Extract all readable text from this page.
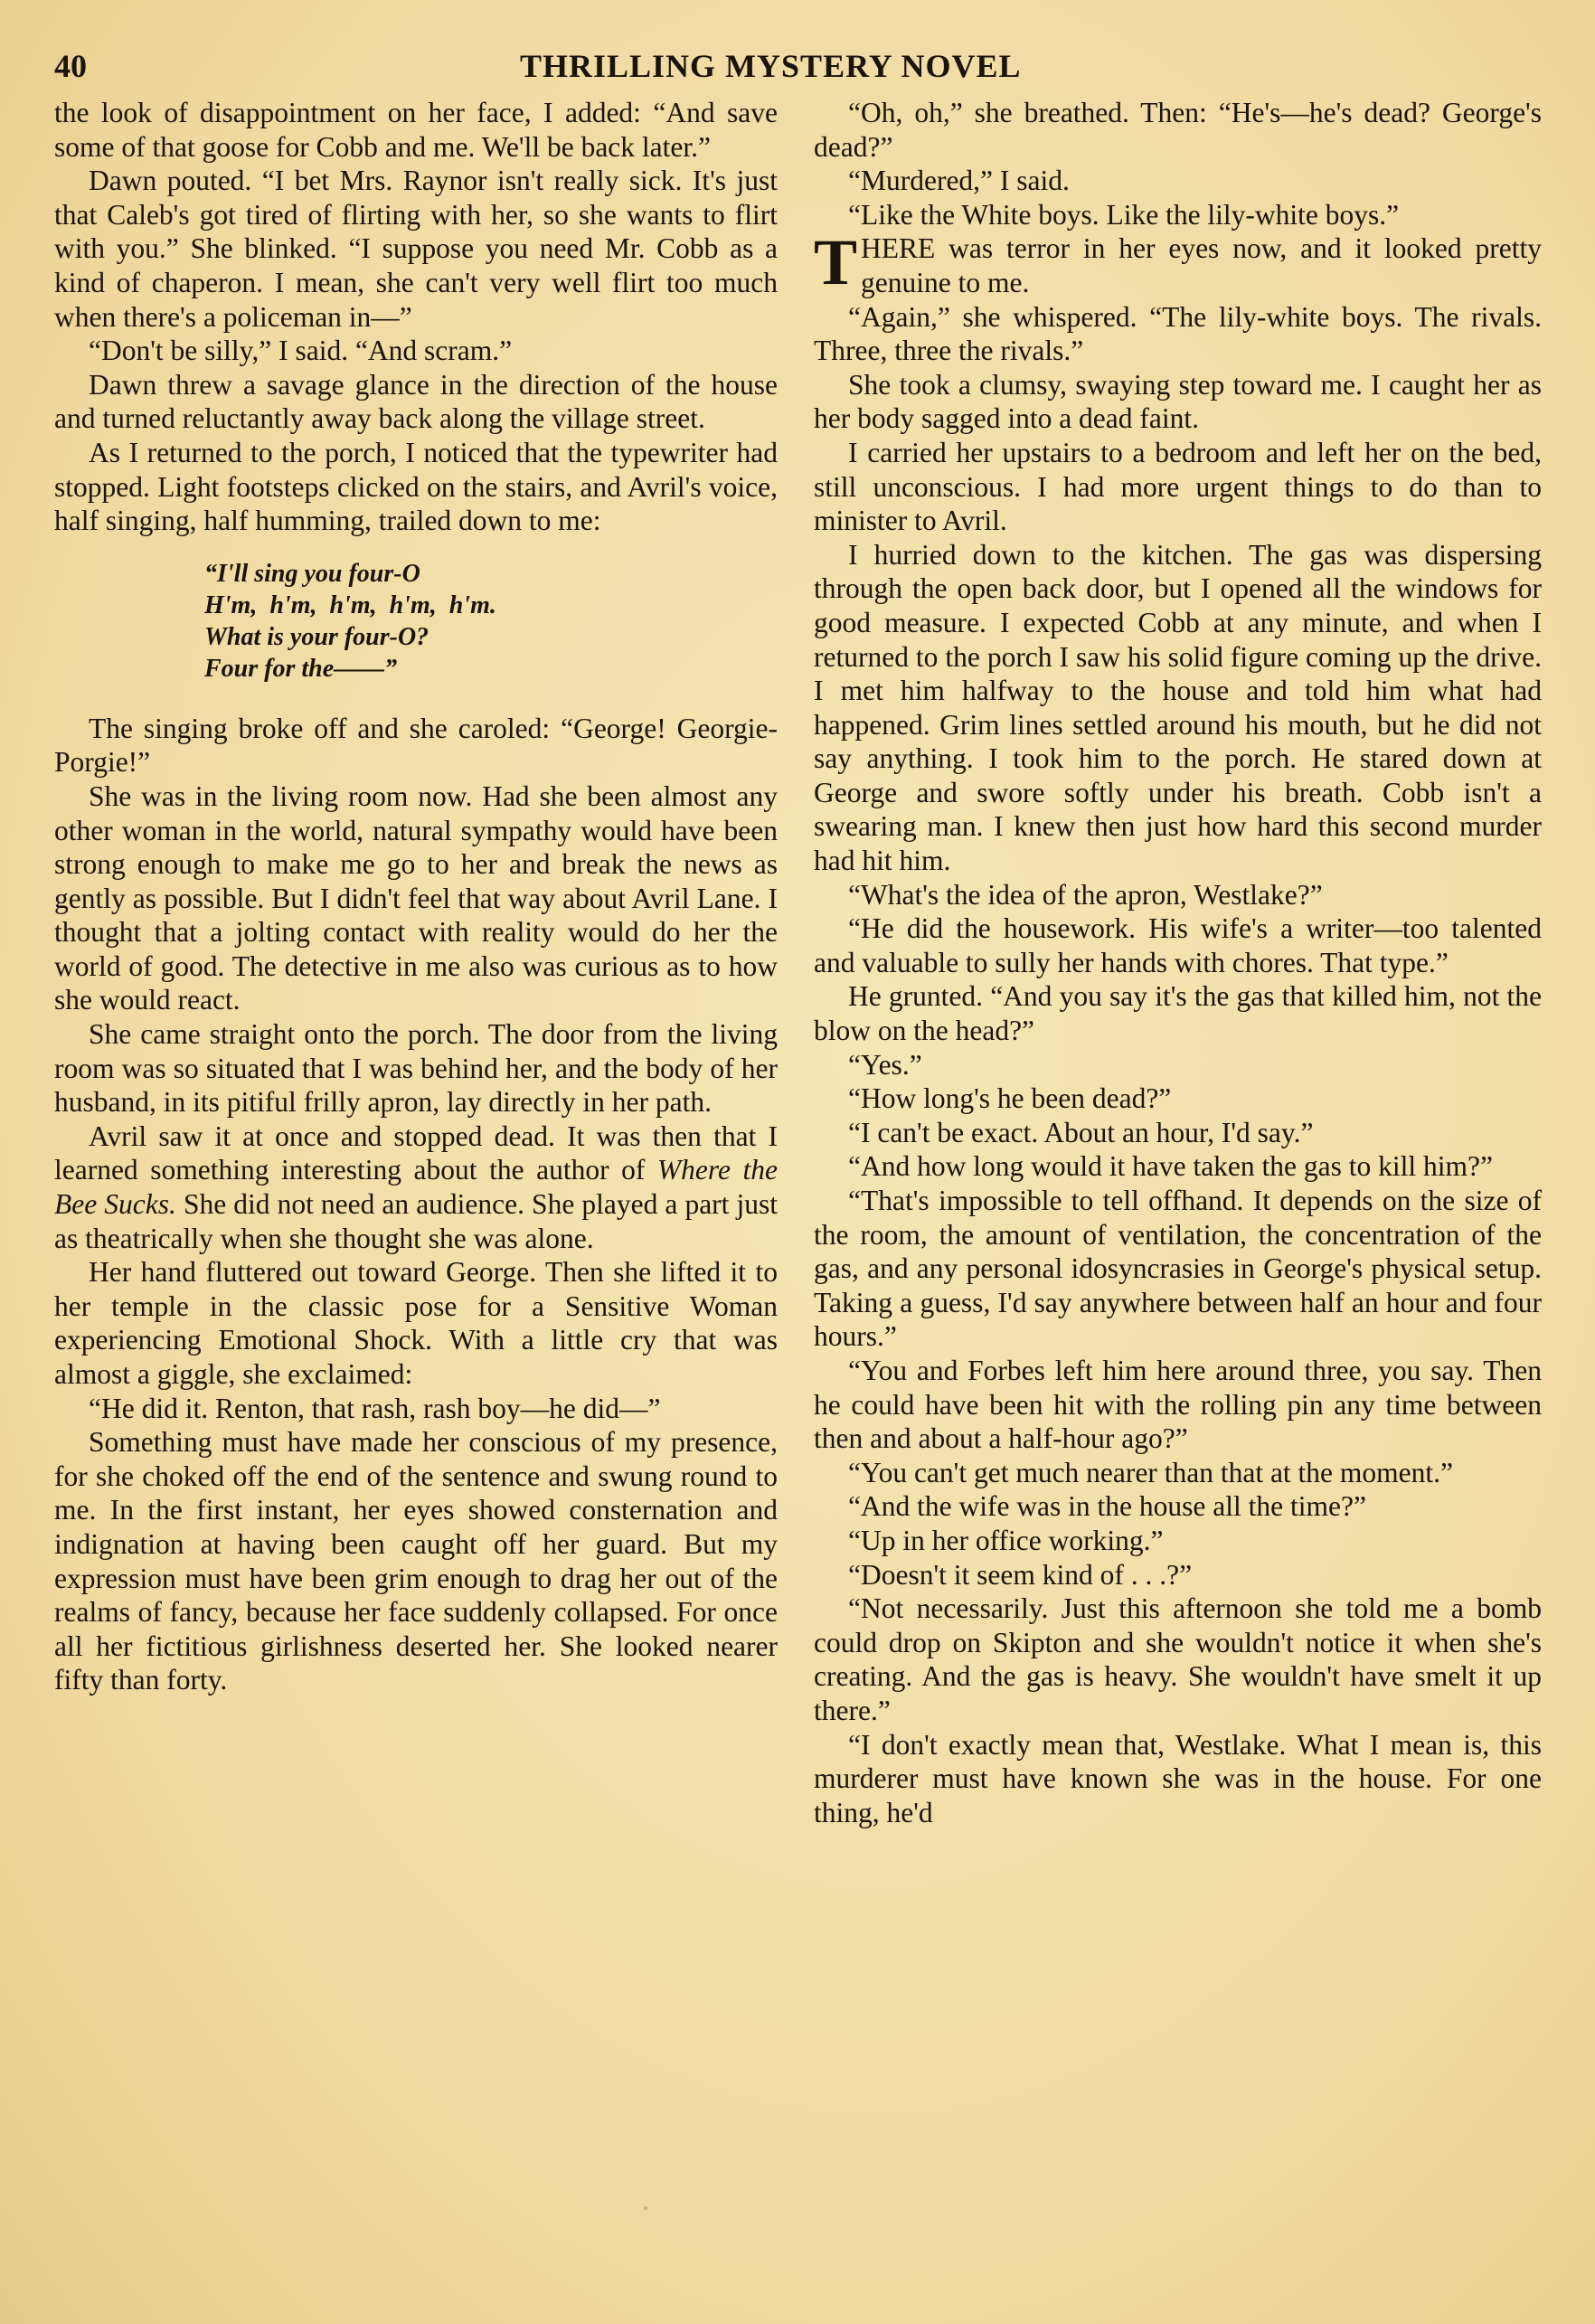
40	THRILLING MYSTERY NOVEL

the look of disappointment on her face, I added: “And save some of that goose for Cobb and me. We'll be back later.”

Dawn pouted. “I bet Mrs. Raynor isn't really sick. It's just that Caleb's got tired of flirting with her, so she wants to flirt with you.” She blinked. “I suppose you need Mr. Cobb as a kind of chaperon. I mean, she can't very well flirt too much when there's a policeman in—”

“Don't be silly,” I said. “And scram.”

Dawn threw a savage glance in the direction of the house and turned reluctantly away back along the village street.

As I returned to the porch, I noticed that the typewriter had stopped. Light footsteps clicked on the stairs, and Avril's voice, half singing, half humming, trailed down to me:

“I'll sing you four-O
H'm,  h'm,  h'm,  h'm,  h'm.
What is your four-O?
Four for the——”

The singing broke off and she caroled: “George! Georgie-Porgie!”

She was in the living room now. Had she been almost any other woman in the world, natural sympathy would have been strong enough to make me go to her and break the news as gently as possible. But I didn't feel that way about Avril Lane. I thought that a jolting contact with reality would do her the world of good. The detective in me also was curious as to how she would react.

She came straight onto the porch. The door from the living room was so situated that I was behind her, and the body of her husband, in its pitiful frilly apron, lay directly in her path.

Avril saw it at once and stopped dead. It was then that I learned something interesting about the author of Where the Bee Sucks. She did not need an audience. She played a part just as theatrically when she thought she was alone.

Her hand fluttered out toward George. Then she lifted it to her temple in the classic pose for a Sensitive Woman experiencing Emotional Shock. With a little cry that was almost a giggle, she exclaimed:

“He did it. Renton, that rash, rash boy—he did—”

Something must have made her conscious of my presence, for she choked off the end of the sentence and swung round to me. In the first instant, her eyes showed consternation and indignation at having been caught off her guard. But my expression must have been grim enough to drag her out of the realms of fancy, because her face suddenly collapsed. For once all her fictitious girlishness deserted her. She looked nearer fifty than forty.

“Oh, oh,” she breathed. Then: “He's—he's dead? George's dead?”

“Murdered,” I said.

“Like the White boys. Like the lily-white boys.”

THERE was terror in her eyes now, and it looked pretty genuine to me.

“Again,” she whispered. “The lily-white boys. The rivals. Three, three the rivals.”

She took a clumsy, swaying step toward me. I caught her as her body sagged into a dead faint.

I carried her upstairs to a bedroom and left her on the bed, still unconscious. I had more urgent things to do than to minister to Avril.

I hurried down to the kitchen. The gas was dispersing through the open back door, but I opened all the windows for good measure. I expected Cobb at any minute, and when I returned to the porch I saw his solid figure coming up the drive. I met him halfway to the house and told him what had happened. Grim lines settled around his mouth, but he did not say anything. I took him to the porch. He stared down at George and swore softly under his breath. Cobb isn't a swearing man. I knew then just how hard this second murder had hit him.

“What's the idea of the apron, Westlake?”

“He did the housework. His wife's a writer—too talented and valuable to sully her hands with chores. That type.”

He grunted. “And you say it's the gas that killed him, not the blow on the head?”

“Yes.”

“How long's he been dead?”

“I can't be exact. About an hour, I'd say.”

“And how long would it have taken the gas to kill him?”

“That's impossible to tell offhand. It depends on the size of the room, the amount of ventilation, the concentration of the gas, and any personal idosyncrasies in George's physical setup. Taking a guess, I'd say anywhere between half an hour and four hours.”

“You and Forbes left him here around three, you say. Then he could have been hit with the rolling pin any time between then and about a half-hour ago?”

“You can't get much nearer than that at the moment.”

“And the wife was in the house all the time?”

“Up in her office working.”

“Doesn't it seem kind of . . .?”

“Not necessarily. Just this afternoon she told me a bomb could drop on Skipton and she wouldn't notice it when she's creating. And the gas is heavy. She wouldn't have smelt it up there.”

“I don't exactly mean that, Westlake. What I mean is, this murderer must have known she was in the house. For one thing, he'd
